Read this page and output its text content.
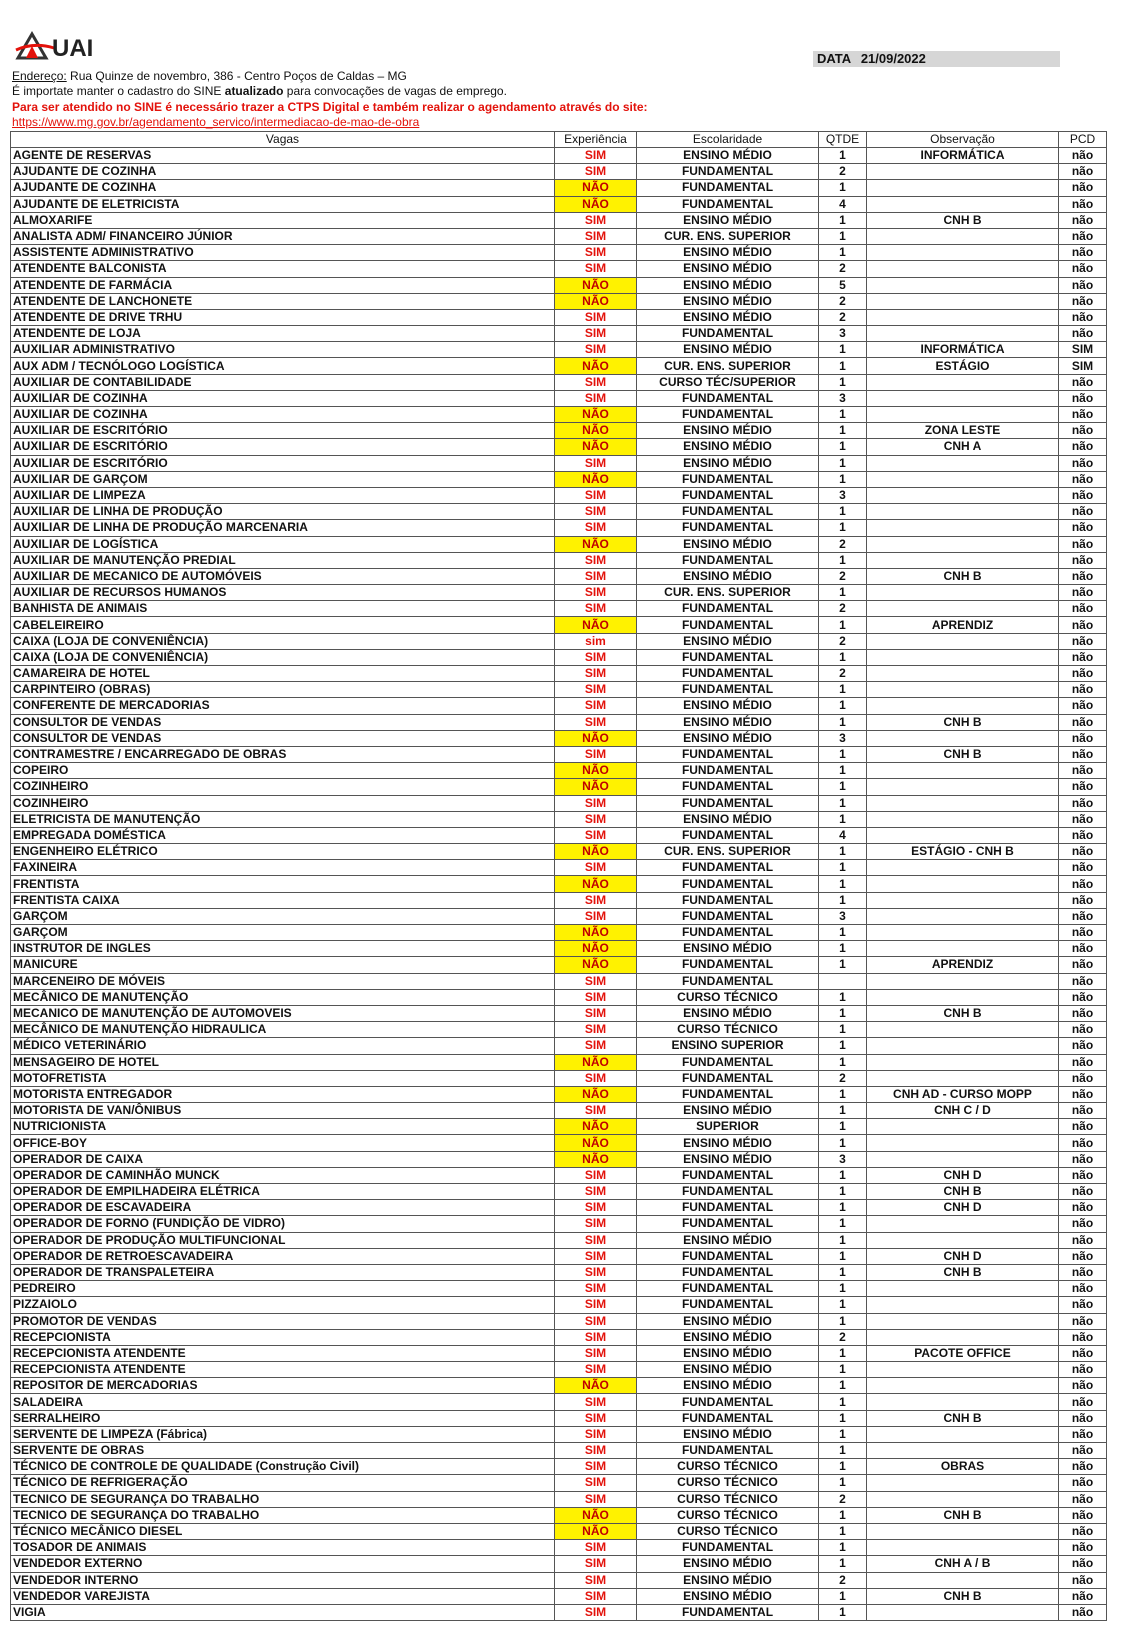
UAI	DATA 21/09/2022
Endereço: Rua Quinze de novembro, 386 - Centro Poços de Caldas – MG
É importate manter o cadastro do SINE atualizado para convocações de vagas de emprego.
Para ser atendido no SINE é necessário trazer a CTPS Digital e também realizar o agendamento através do site:
https://www.mg.gov.br/agendamento_servico/intermediacao-de-mao-de-obra
Vagas	Experiência	Escolaridade	QTDE	Observação	PCD
AGENTE DE RESERVAS	SIM	ENSINO MÉDIO	1	INFORMÁTICA	não
AJUDANTE DE COZINHA	SIM	FUNDAMENTAL	2		não
AJUDANTE DE COZINHA	NÃO	FUNDAMENTAL	1		não
AJUDANTE DE ELETRICISTA	NÃO	FUNDAMENTAL	4		não
ALMOXARIFE	SIM	ENSINO MÉDIO	1	CNH B	não
ANALISTA ADM/ FINANCEIRO JÚNIOR	SIM	CUR. ENS. SUPERIOR	1		não
ASSISTENTE ADMINISTRATIVO	SIM	ENSINO MÉDIO	1		não
ATENDENTE BALCONISTA	SIM	ENSINO MÉDIO	2		não
ATENDENTE DE FARMÁCIA	NÃO	ENSINO MÉDIO	5		não
ATENDENTE DE LANCHONETE	NÃO	ENSINO MÉDIO	2		não
ATENDENTE DE DRIVE TRHU	SIM	ENSINO MÉDIO	2		não
ATENDENTE DE LOJA	SIM	FUNDAMENTAL	3		não
AUXILIAR ADMINISTRATIVO	SIM	ENSINO MÉDIO	1	INFORMÁTICA	SIM
AUX ADM / TECNÓLOGO LOGÍSTICA	NÃO	CUR. ENS. SUPERIOR	1	ESTÁGIO	SIM
AUXILIAR DE CONTABILIDADE	SIM	CURSO TÉC/SUPERIOR	1		não
AUXILIAR DE COZINHA	SIM	FUNDAMENTAL	3		não
AUXILIAR DE COZINHA	NÃO	FUNDAMENTAL	1		não
AUXILIAR DE ESCRITÓRIO	NÃO	ENSINO MÉDIO	1	ZONA LESTE	não
AUXILIAR DE ESCRITÓRIO	NÃO	ENSINO MÉDIO	1	CNH A	não
AUXILIAR DE ESCRITÓRIO	SIM	ENSINO MÉDIO	1		não
AUXILIAR DE GARÇOM	NÃO	FUNDAMENTAL	1		não
AUXILIAR DE LIMPEZA	SIM	FUNDAMENTAL	3		não
AUXILIAR DE LINHA DE PRODUÇÃO	SIM	FUNDAMENTAL	1		não
AUXILIAR DE LINHA DE PRODUÇÃO MARCENARIA	SIM	FUNDAMENTAL	1		não
AUXILIAR DE LOGÍSTICA	NÃO	ENSINO MÉDIO	2		não
AUXILIAR DE MANUTENÇÃO PREDIAL	SIM	FUNDAMENTAL	1		não
AUXILIAR DE MECANICO DE AUTOMÓVEIS	SIM	ENSINO MÉDIO	2	CNH B	não
AUXILIAR DE RECURSOS HUMANOS	SIM	CUR. ENS. SUPERIOR	1		não
BANHISTA DE ANIMAIS	SIM	FUNDAMENTAL	2		não
CABELEIREIRO	NÃO	FUNDAMENTAL	1	APRENDIZ	não
CAIXA (LOJA DE CONVENIÊNCIA)	sim	ENSINO MÉDIO	2		não
CAIXA (LOJA DE CONVENIÊNCIA)	SIM	FUNDAMENTAL	1		não
CAMAREIRA DE HOTEL	SIM	FUNDAMENTAL	2		não
CARPINTEIRO (OBRAS)	SIM	FUNDAMENTAL	1		não
CONFERENTE DE MERCADORIAS	SIM	ENSINO MÉDIO	1		não
CONSULTOR DE VENDAS	SIM	ENSINO MÉDIO	1	CNH B	não
CONSULTOR DE VENDAS	NÃO	ENSINO MÉDIO	3		não
CONTRAMESTRE / ENCARREGADO DE OBRAS	SIM	FUNDAMENTAL	1	CNH B	não
COPEIRO	NÃO	FUNDAMENTAL	1		não
COZINHEIRO	NÃO	FUNDAMENTAL	1		não
COZINHEIRO	SIM	FUNDAMENTAL	1		não
ELETRICISTA DE MANUTENÇÃO	SIM	ENSINO MÉDIO	1		não
EMPREGADA DOMÉSTICA	SIM	FUNDAMENTAL	4		não
ENGENHEIRO ELÉTRICO	NÃO	CUR. ENS. SUPERIOR	1	ESTÁGIO - CNH B	não
FAXINEIRA	SIM	FUNDAMENTAL	1		não
FRENTISTA	NÃO	FUNDAMENTAL	1		não
FRENTISTA CAIXA	SIM	FUNDAMENTAL	1		não
GARÇOM	SIM	FUNDAMENTAL	3		não
GARÇOM	NÃO	FUNDAMENTAL	1		não
INSTRUTOR DE INGLES	NÃO	ENSINO MÉDIO	1		não
MANICURE	NÃO	FUNDAMENTAL	1	APRENDIZ	não
MARCENEIRO DE MÓVEIS	SIM	FUNDAMENTAL			não
MECÂNICO DE MANUTENÇÃO	SIM	CURSO TÉCNICO	1		não
MECANICO DE MANUTENÇÃO DE AUTOMOVEIS	SIM	ENSINO MÉDIO	1	CNH B	não
MECÂNICO DE MANUTENÇÃO HIDRAULICA	SIM	CURSO TÉCNICO	1		não
MÉDICO VETERINÁRIO	SIM	ENSINO SUPERIOR	1		não
MENSAGEIRO DE HOTEL	NÃO	FUNDAMENTAL	1		não
MOTOFRETISTA	SIM	FUNDAMENTAL	2		não
MOTORISTA ENTREGADOR	NÃO	FUNDAMENTAL	1	CNH AD - CURSO MOPP	não
MOTORISTA DE VAN/ÔNIBUS	SIM	ENSINO MÉDIO	1	CNH C / D	não
NUTRICIONISTA	NÃO	SUPERIOR	1		não
OFFICE-BOY	NÃO	ENSINO MÉDIO	1		não
OPERADOR DE CAIXA	NÃO	ENSINO MÉDIO	3		não
OPERADOR DE CAMINHÃO MUNCK	SIM	FUNDAMENTAL	1	CNH D	não
OPERADOR DE EMPILHADEIRA ELÉTRICA	SIM	FUNDAMENTAL	1	CNH B	não
OPERADOR DE ESCAVADEIRA	SIM	FUNDAMENTAL	1	CNH D	não
OPERADOR DE FORNO (FUNDIÇÃO DE VIDRO)	SIM	FUNDAMENTAL	1		não
OPERADOR DE PRODUÇÃO MULTIFUNCIONAL	SIM	ENSINO MÉDIO	1		não
OPERADOR DE RETROESCAVADEIRA	SIM	FUNDAMENTAL	1	CNH D	não
OPERADOR DE TRANSPALETEIRA	SIM	FUNDAMENTAL	1	CNH B	não
PEDREIRO	SIM	FUNDAMENTAL	1		não
PIZZAIOLO	SIM	FUNDAMENTAL	1		não
PROMOTOR DE VENDAS	SIM	ENSINO MÉDIO	1		não
RECEPCIONISTA	SIM	ENSINO MÉDIO	2		não
RECEPCIONISTA ATENDENTE	SIM	ENSINO MÉDIO	1	PACOTE OFFICE	não
RECEPCIONISTA ATENDENTE	SIM	ENSINO MÉDIO	1		não
REPOSITOR DE MERCADORIAS	NÃO	ENSINO MÉDIO	1		não
SALADEIRA	SIM	FUNDAMENTAL	1		não
SERRALHEIRO	SIM	FUNDAMENTAL	1	CNH B	não
SERVENTE DE LIMPEZA (Fábrica)	SIM	ENSINO MÉDIO	1		não
SERVENTE DE OBRAS	SIM	FUNDAMENTAL	1		não
TÉCNICO DE CONTROLE DE QUALIDADE (Construção Civil)	SIM	CURSO TÉCNICO	1	OBRAS	não
TÉCNICO DE REFRIGERAÇÃO	SIM	CURSO TÉCNICO	1		não
TECNICO DE SEGURANÇA DO TRABALHO	SIM	CURSO TÉCNICO	2		não
TECNICO DE SEGURANÇA DO TRABALHO	NÃO	CURSO TÉCNICO	1	CNH B	não
TÉCNICO MECÂNICO DIESEL	NÃO	CURSO TÉCNICO	1		não
TOSADOR DE ANIMAIS	SIM	FUNDAMENTAL	1		não
VENDEDOR EXTERNO	SIM	ENSINO MÉDIO	1	CNH A / B	não
VENDEDOR INTERNO	SIM	ENSINO MÉDIO	2		não
VENDEDOR VAREJISTA	SIM	ENSINO MÉDIO	1	CNH B	não
VIGIA	SIM	FUNDAMENTAL	1		não
